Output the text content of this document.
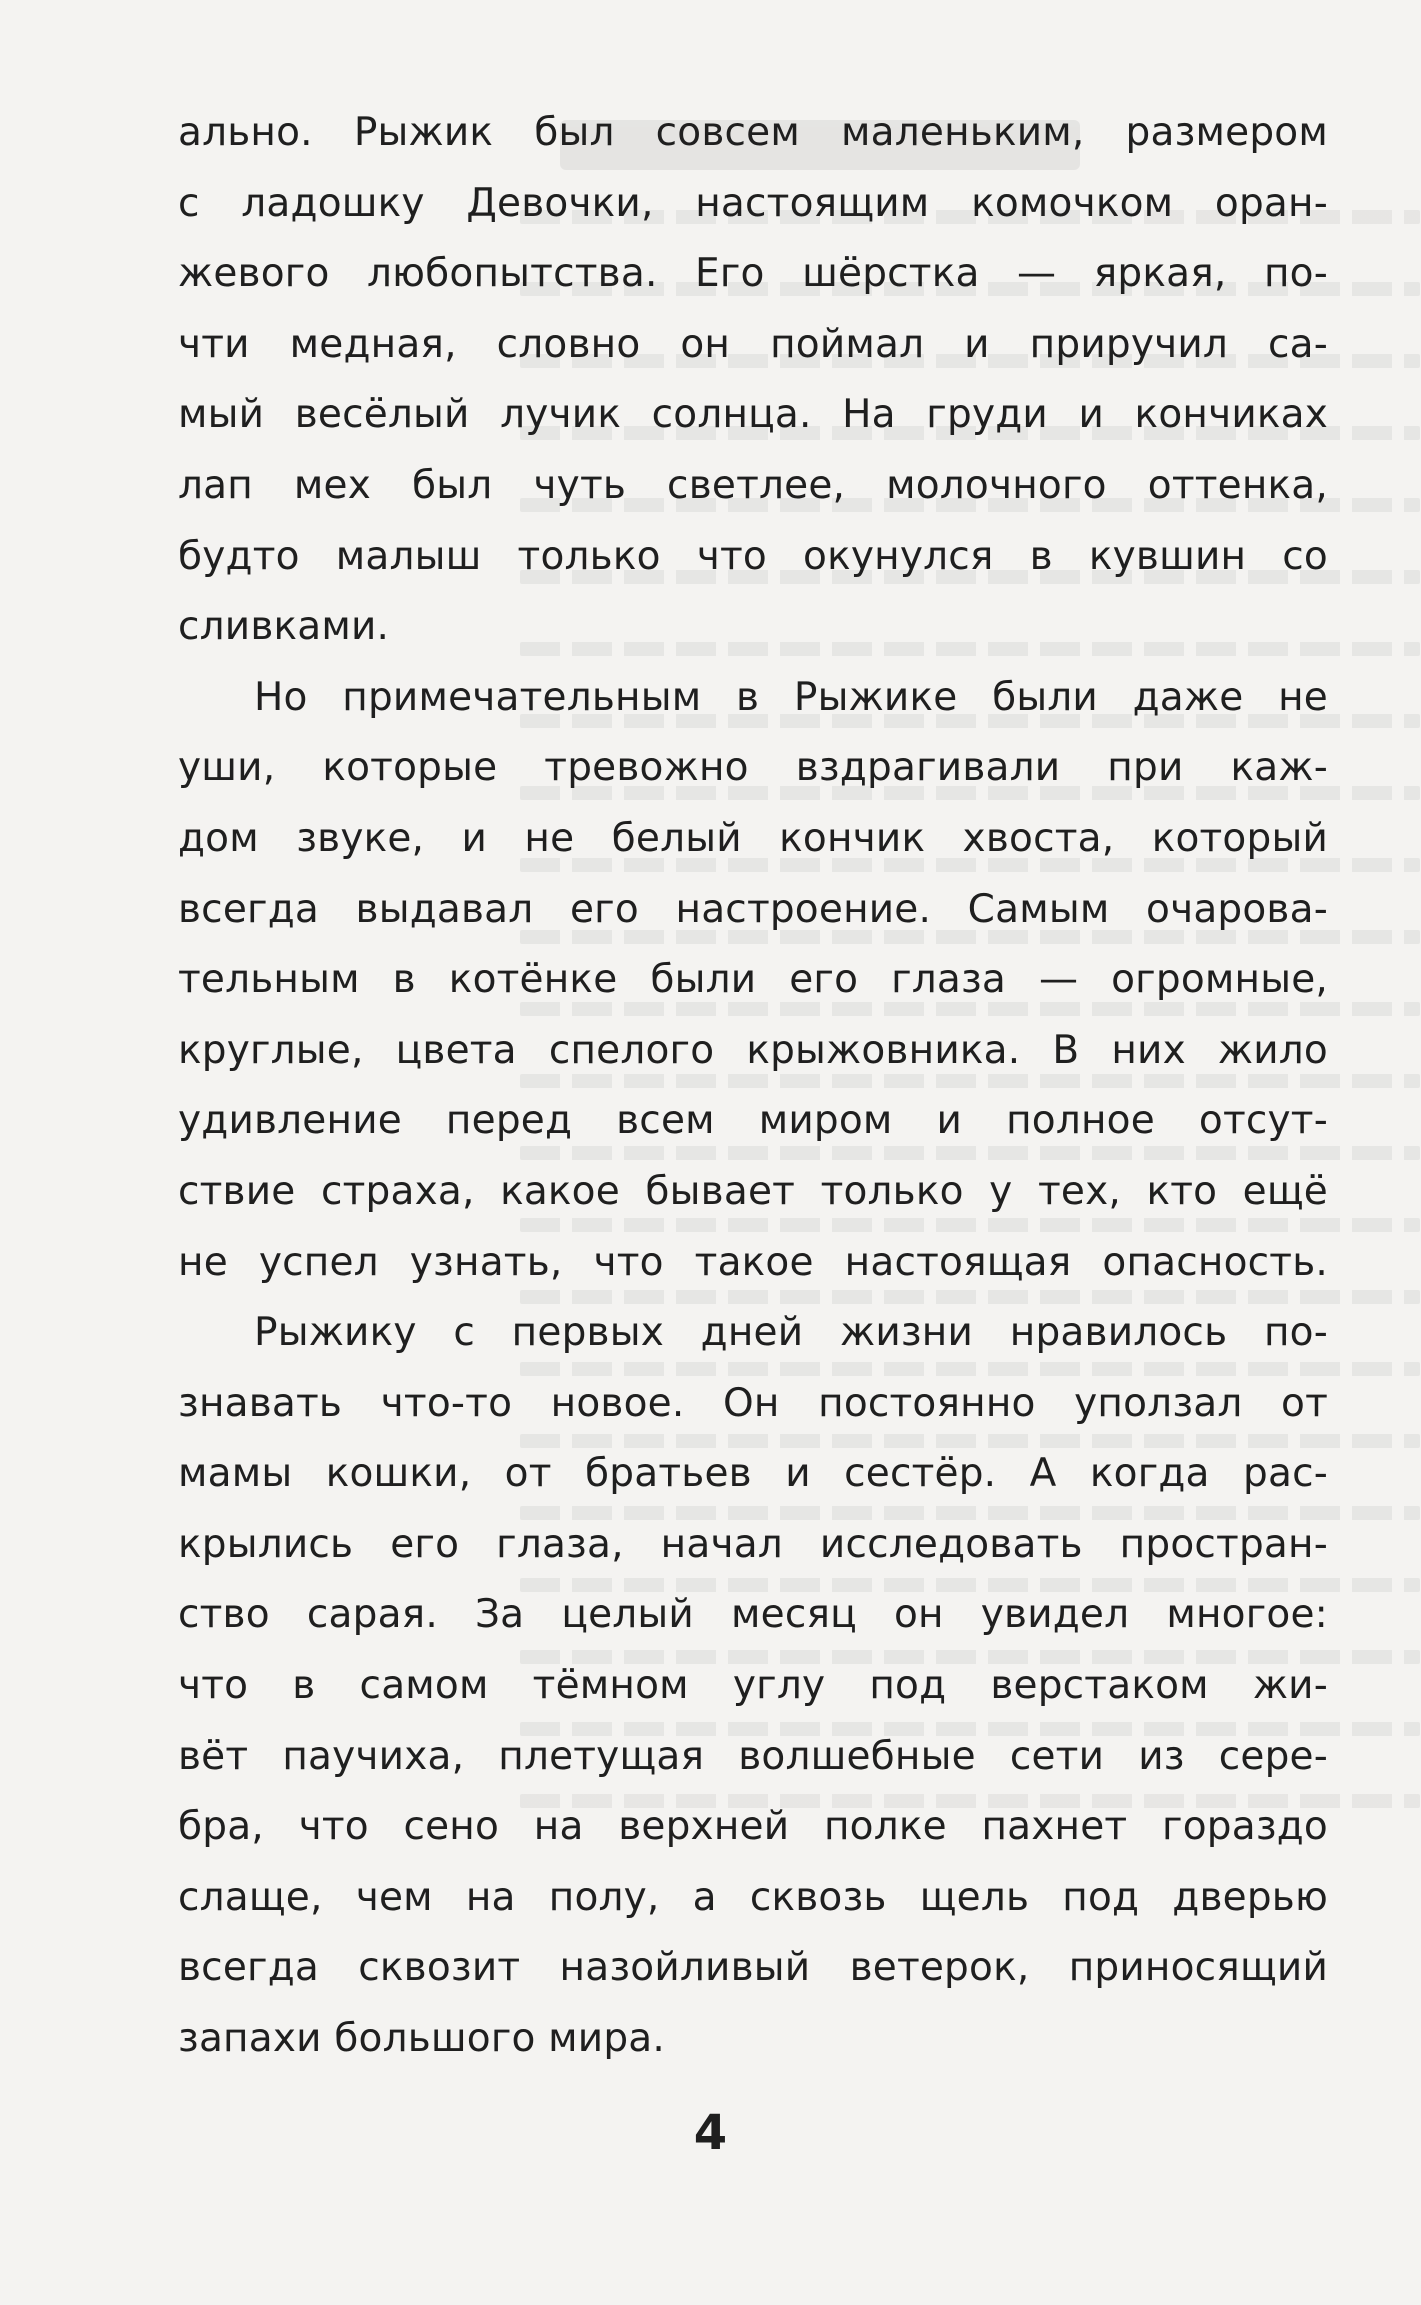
ально. Рыжик был совсем маленьким, размером
с ладошку Девочки, настоящим комочком оран-
жевого любопытства. Его шёрстка — яркая, по-
чти медная, словно он поймал и приручил са-
мый весёлый лучик солнца. На груди и кончиках
лап мех был чуть светлее, молочного оттенка,
будто малыш только что окунулся в кувшин со
сливками.
Но примечательным в Рыжике были даже не
уши, которые тревожно вздрагивали при каж-
дом звуке, и не белый кончик хвоста, который
всегда выдавал его настроение. Самым очарова-
тельным в котёнке были его глаза — огромные,
круглые, цвета спелого крыжовника. В них жило
удивление перед всем миром и полное отсут-
ствие страха, какое бывает только у тех, кто ещё
не успел узнать, что такое настоящая опасность.
Рыжику с первых дней жизни нравилось по-
знавать что-то новое. Он постоянно уползал от
мамы кошки, от братьев и сестёр. А когда рас-
крылись его глаза, начал исследовать простран-
ство сарая. За целый месяц он увидел многое:
что в самом тёмном углу под верстаком жи-
вёт паучиха, плетущая волшебные сети из сере-
бра, что сено на верхней полке пахнет гораздо
слаще, чем на полу, а сквозь щель под дверью
всегда сквозит назойливый ветерок, приносящий
запахи большого мира.
4
